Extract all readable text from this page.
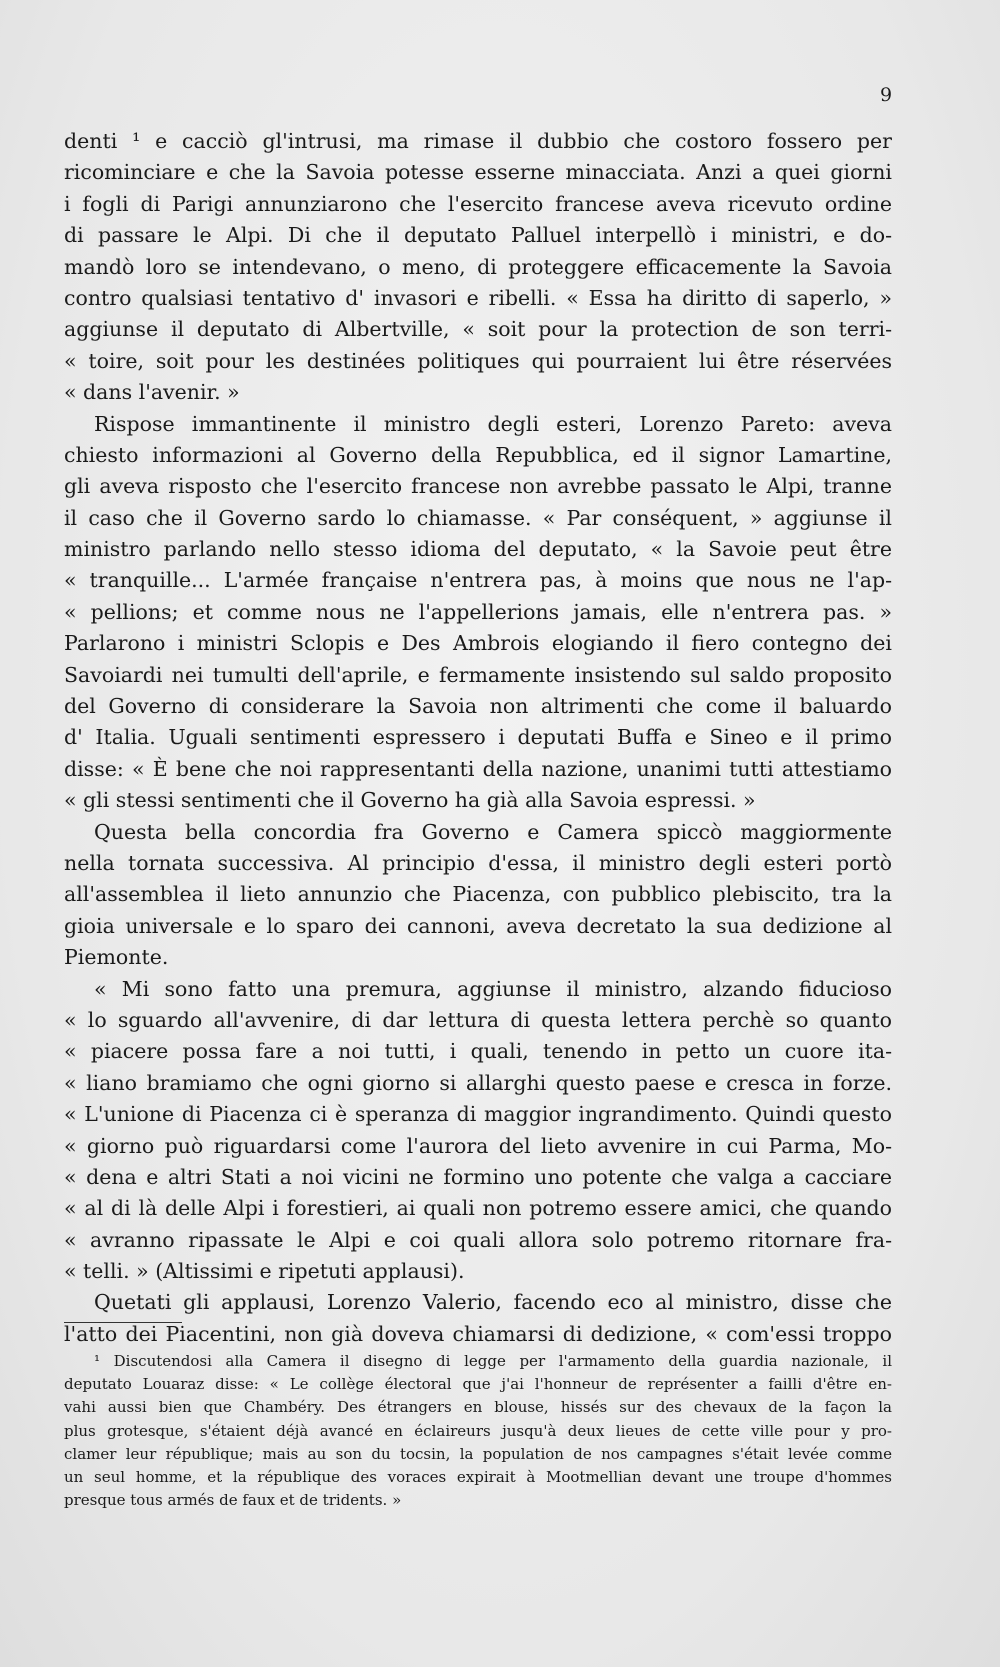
9
denti ¹ e cacciò gl'intrusi, ma rimase il dubbio che costoro fossero per
ricominciare e che la Savoia potesse esserne minacciata. Anzi a quei giorni
i fogli di Parigi annunziarono che l'esercito francese aveva ricevuto ordine
di passare le Alpi. Di che il deputato Palluel interpellò i ministri, e do-
mandò loro se intendevano, o meno, di proteggere efficacemente la Savoia
contro qualsiasi tentativo d' invasori e ribelli. « Essa ha diritto di saperlo, »
aggiunse il deputato di Albertville, « soit pour la protection de son terri-
« toire, soit pour les destinées politiques qui pourraient lui être réservées
« dans l'avenir. »
Rispose immantinente il ministro degli esteri, Lorenzo Pareto: aveva
chiesto informazioni al Governo della Repubblica, ed il signor Lamartine,
gli aveva risposto che l'esercito francese non avrebbe passato le Alpi, tranne
il caso che il Governo sardo lo chiamasse. « Par conséquent, » aggiunse il
ministro parlando nello stesso idioma del deputato, « la Savoie peut être
« tranquille... L'armée française n'entrera pas, à moins que nous ne l'ap-
« pellions; et comme nous ne l'appellerions jamais, elle n'entrera pas. »
Parlarono i ministri Sclopis e Des Ambrois elogiando il fiero contegno dei
Savoiardi nei tumulti dell'aprile, e fermamente insistendo sul saldo proposito
del Governo di considerare la Savoia non altrimenti che come il baluardo
d' Italia. Uguali sentimenti espressero i deputati Buffa e Sineo e il primo
disse: « È bene che noi rappresentanti della nazione, unanimi tutti attestiamo
« gli stessi sentimenti che il Governo ha già alla Savoia espressi. »
Questa bella concordia fra Governo e Camera spiccò maggiormente
nella tornata successiva. Al principio d'essa, il ministro degli esteri portò
all'assemblea il lieto annunzio che Piacenza, con pubblico plebiscito, tra la
gioia universale e lo sparo dei cannoni, aveva decretato la sua dedizione al
Piemonte.
« Mi sono fatto una premura, aggiunse il ministro, alzando fiducioso
« lo sguardo all'avvenire, di dar lettura di questa lettera perchè so quanto
« piacere possa fare a noi tutti, i quali, tenendo in petto un cuore ita-
« liano bramiamo che ogni giorno si allarghi questo paese e cresca in forze.
« L'unione di Piacenza ci è speranza di maggior ingrandimento. Quindi questo
« giorno può riguardarsi come l'aurora del lieto avvenire in cui Parma, Mo-
« dena e altri Stati a noi vicini ne formino uno potente che valga a cacciare
« al di là delle Alpi i forestieri, ai quali non potremo essere amici, che quando
« avranno ripassate le Alpi e coi quali allora solo potremo ritornare fra-
« telli. » (Altissimi e ripetuti applausi).
Quetati gli applausi, Lorenzo Valerio, facendo eco al ministro, disse che
l'atto dei Piacentini, non già doveva chiamarsi di dedizione, « com'essi troppo
¹ Discutendosi alla Camera il disegno di legge per l'armamento della guardia nazionale, il
deputato Louaraz disse: « Le collège électoral que j'ai l'honneur de représenter a failli d'être en-
vahi aussi bien que Chambéry. Des étrangers en blouse, hissés sur des chevaux de la façon la
plus grotesque, s'étaient déjà avancé en éclaireurs jusqu'à deux lieues de cette ville pour y pro-
clamer leur république; mais au son du tocsin, la population de nos campagnes s'était levée comme
un seul homme, et la république des voraces expirait à Mootmellian devant une troupe d'hommes
presque tous armés de faux et de tridents. »
